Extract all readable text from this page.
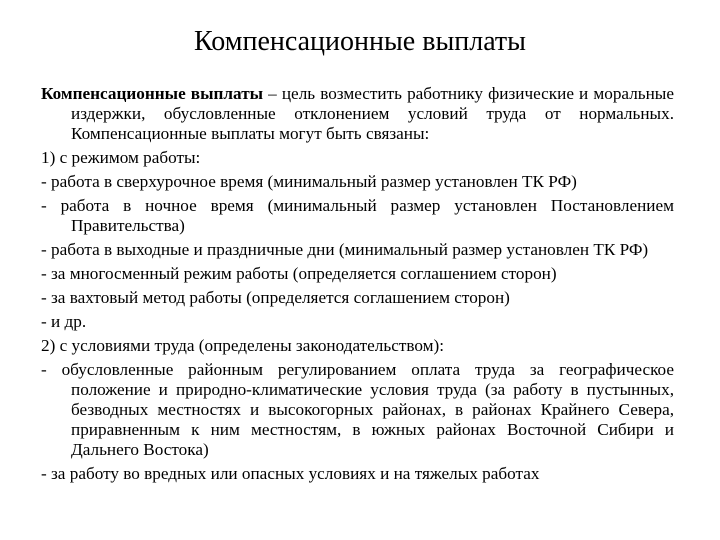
Компенсационные выплаты

Компенсационные выплаты – цель возместить работнику физические и моральные издержки, обусловленные отклонением условий труда от нормальных. Компенсационные выплаты могут быть связаны:

1) с режимом работы:

- работа в сверхурочное время (минимальный размер установлен ТК РФ)

- работа в ночное время (минимальный размер установлен Постановлением Правительства)

- работа в выходные и праздничные дни (минимальный размер установлен ТК РФ)

- за многосменный режим работы (определяется соглашением сторон)

- за вахтовый метод работы (определяется соглашением сторон)

- и др.

2) с условиями труда (определены законодательством):

- обусловленные районным регулированием оплата труда за географическое положение и природно-климатические условия труда (за работу в пустынных, безводных местностях и высокогорных районах, в районах Крайнего Севера, приравненным к ним местностям, в южных районах Восточной Сибири и Дальнего Востока)

- за работу во вредных или опасных условиях и на тяжелых работах
